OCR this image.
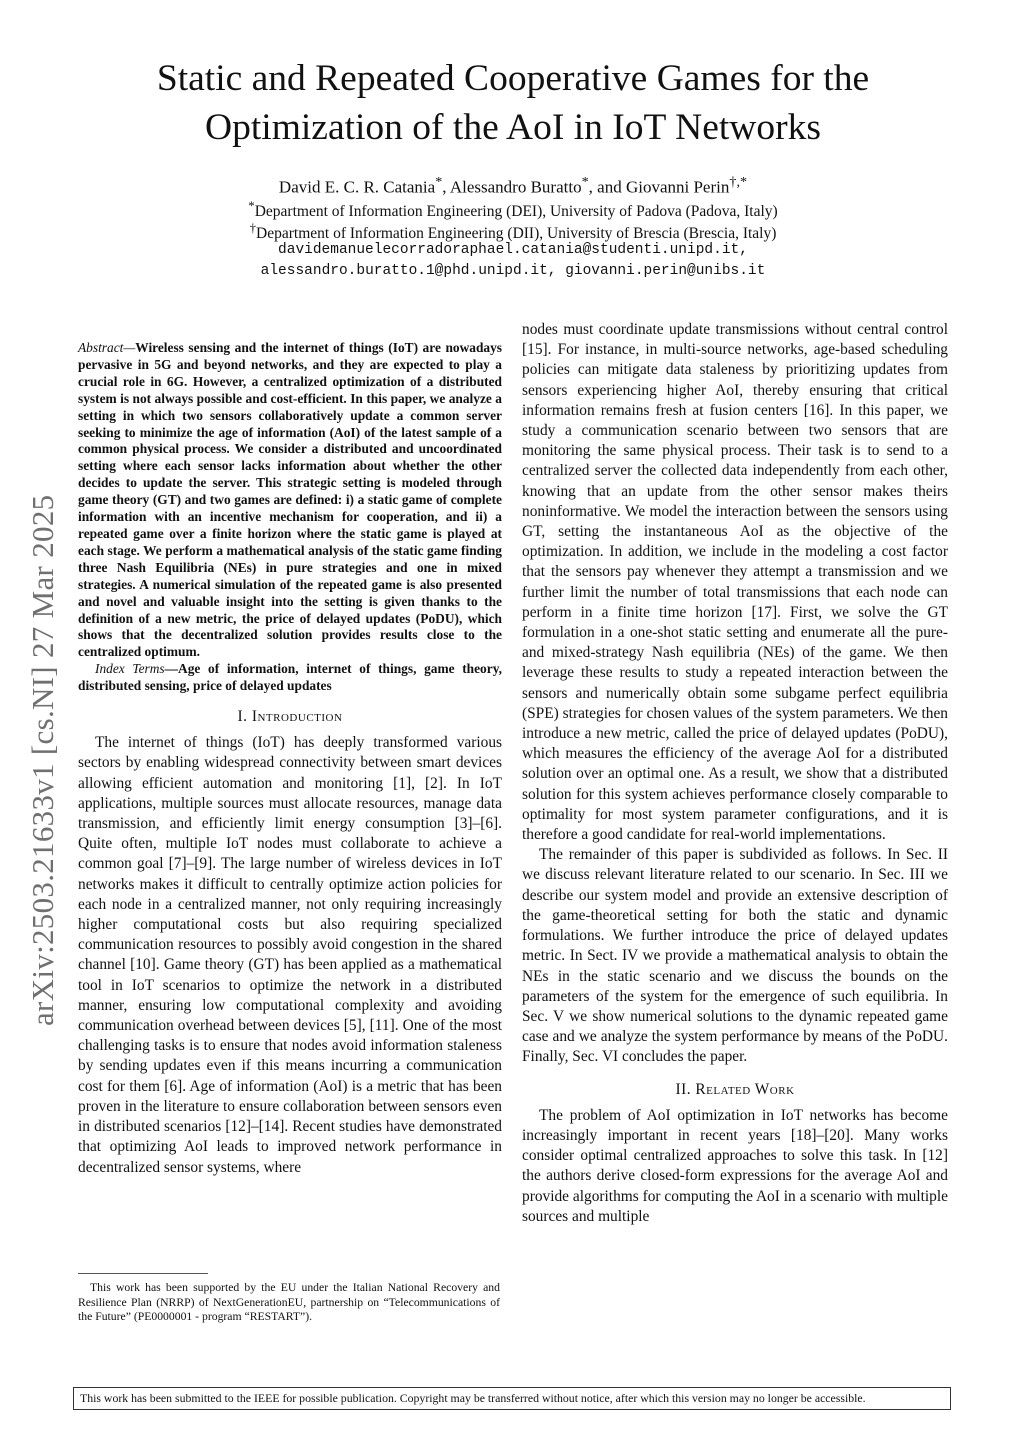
arXiv:2503.21633v1 [cs.NI] 27 Mar 2025
Static and Repeated Cooperative Games for the
Optimization of the AoI in IoT Networks
David E. C. R. Catania*, Alessandro Buratto*, and Giovanni Perin†,*
*Department of Information Engineering (DEI), University of Padova (Padova, Italy)
†Department of Information Engineering (DII), University of Brescia (Brescia, Italy)
davidemanuelecorradoraphael.catania@studenti.unipd.it,
alessandro.buratto.1@phd.unipd.it, giovanni.perin@unibs.it

Abstract—Wireless sensing and the internet of things (IoT) are nowadays pervasive in 5G and beyond networks, and they are expected to play a crucial role in 6G. However, a centralized optimization of a distributed system is not always possible and cost-efficient. In this paper, we analyze a setting in which two sensors collaboratively update a common server seeking to minimize the age of information (AoI) of the latest sample of a common physical process. We consider a distributed and uncoordinated setting where each sensor lacks information about whether the other decides to update the server. This strategic setting is modeled through game theory (GT) and two games are defined: i) a static game of complete information with an incentive mechanism for cooperation, and ii) a repeated game over a finite horizon where the static game is played at each stage. We perform a mathematical analysis of the static game finding three Nash Equilibria (NEs) in pure strategies and one in mixed strategies. A numerical simulation of the repeated game is also presented and novel and valuable insight into the setting is given thanks to the definition of a new metric, the price of delayed updates (PoDU), which shows that the decentralized solution provides results close to the centralized optimum.

Index Terms—Age of information, internet of things, game theory, distributed sensing, price of delayed updates

I. Introduction

The internet of things (IoT) has deeply transformed various sectors by enabling widespread connectivity between smart devices allowing efficient automation and monitoring [1], [2]. In IoT applications, multiple sources must allocate resources, manage data transmission, and efficiently limit energy consumption [3]–[6]. Quite often, multiple IoT nodes must collaborate to achieve a common goal [7]–[9]. The large number of wireless devices in IoT networks makes it difficult to centrally optimize action policies for each node in a centralized manner, not only requiring increasingly higher computational costs but also requiring specialized communication resources to possibly avoid congestion in the shared channel [10]. Game theory (GT) has been applied as a mathematical tool in IoT scenarios to optimize the network in a distributed manner, ensuring low computational complexity and avoiding communication overhead between devices [5], [11]. One of the most challenging tasks is to ensure that nodes avoid information staleness by sending updates even if this means incurring a communication cost for them [6]. Age of information (AoI) is a metric that has been proven in the literature to ensure collaboration between sensors even in distributed scenarios [12]–[14]. Recent studies have demonstrated that optimizing AoI leads to improved network performance in decentralized sensor systems, where

nodes must coordinate update transmissions without central control [15]. For instance, in multi-source networks, age-based scheduling policies can mitigate data staleness by prioritizing updates from sensors experiencing higher AoI, thereby ensuring that critical information remains fresh at fusion centers [16]. In this paper, we study a communication scenario between two sensors that are monitoring the same physical process. Their task is to send to a centralized server the collected data independently from each other, knowing that an update from the other sensor makes theirs noninformative. We model the interaction between the sensors using GT, setting the instantaneous AoI as the objective of the optimization. In addition, we include in the modeling a cost factor that the sensors pay whenever they attempt a transmission and we further limit the number of total transmissions that each node can perform in a finite time horizon [17]. First, we solve the GT formulation in a one-shot static setting and enumerate all the pure- and mixed-strategy Nash equilibria (NEs) of the game. We then leverage these results to study a repeated interaction between the sensors and numerically obtain some subgame perfect equilibria (SPE) strategies for chosen values of the system parameters. We then introduce a new metric, called the price of delayed updates (PoDU), which measures the efficiency of the average AoI for a distributed solution over an optimal one. As a result, we show that a distributed solution for this system achieves performance closely comparable to optimality for most system parameter configurations, and it is therefore a good candidate for real-world implementations.

The remainder of this paper is subdivided as follows. In Sec. II we discuss relevant literature related to our scenario. In Sec. III we describe our system model and provide an extensive description of the game-theoretical setting for both the static and dynamic formulations. We further introduce the price of delayed updates metric. In Sect. IV we provide a mathematical analysis to obtain the NEs in the static scenario and we discuss the bounds on the parameters of the system for the emergence of such equilibria. In Sec. V we show numerical solutions to the dynamic repeated game case and we analyze the system performance by means of the PoDU. Finally, Sec. VI concludes the paper.

II. Related Work

The problem of AoI optimization in IoT networks has become increasingly important in recent years [18]–[20]. Many works consider optimal centralized approaches to solve this task. In [12] the authors derive closed-form expressions for the average AoI and provide algorithms for computing the AoI in a scenario with multiple sources and multiple

This work has been supported by the EU under the Italian National Recovery and Resilience Plan (NRRP) of NextGenerationEU, partnership on “Telecommunications of the Future” (PE0000001 - program “RESTART”).
This work has been submitted to the IEEE for possible publication. Copyright may be transferred without notice, after which this version may no longer be accessible.
